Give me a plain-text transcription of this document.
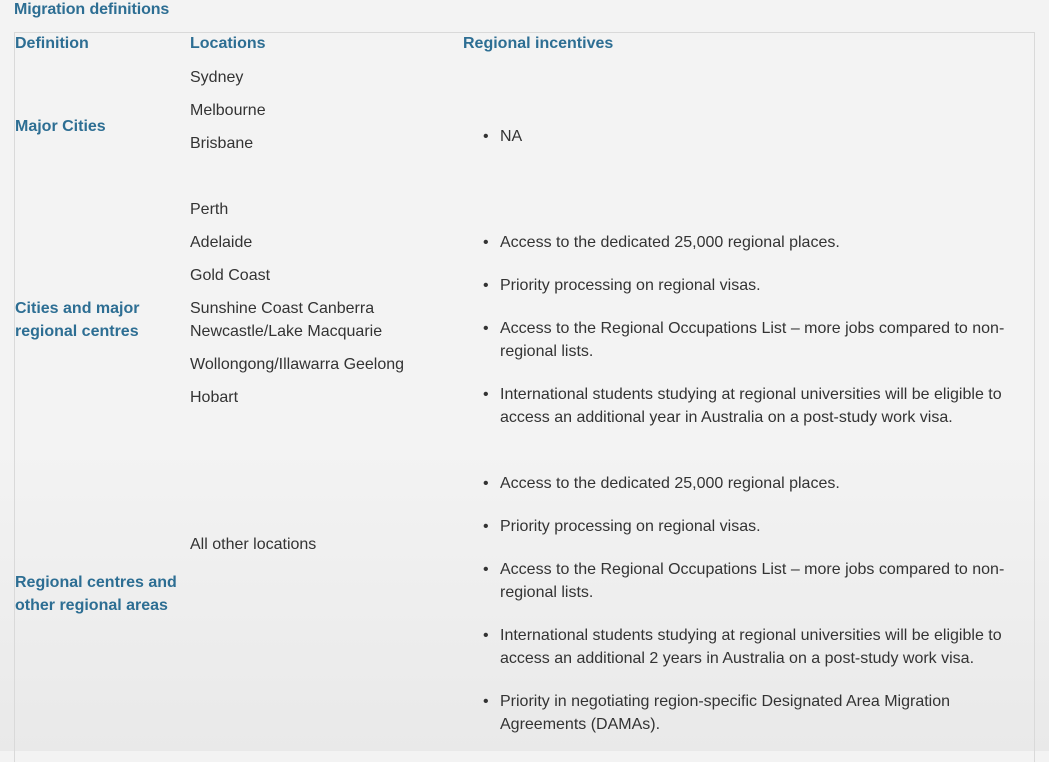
Migration definitions
Definition	Locations	Regional incentives
Major Cities
Sydney
Melbourne
Brisbane
•	NA
Cities and major regional centres
Perth
Adelaide
Gold Coast
Sunshine Coast Canberra Newcastle/Lake Macquarie
Wollongong/Illawarra Geelong
Hobart
• Access to the dedicated 25,000 regional places.
• Priority processing on regional visas.
• Access to the Regional Occupations List – more jobs compared to non-regional lists.
• International students studying at regional universities will be eligible to access an additional year in Australia on a post-study work visa.
Regional centres and other regional areas
All other locations
• Access to the dedicated 25,000 regional places.
• Priority processing on regional visas.
• Access to the Regional Occupations List – more jobs compared to non-regional lists.
• International students studying at regional universities will be eligible to access an additional 2 years in Australia on a post-study work visa.
• Priority in negotiating region-specific Designated Area Migration Agreements (DAMAs).
